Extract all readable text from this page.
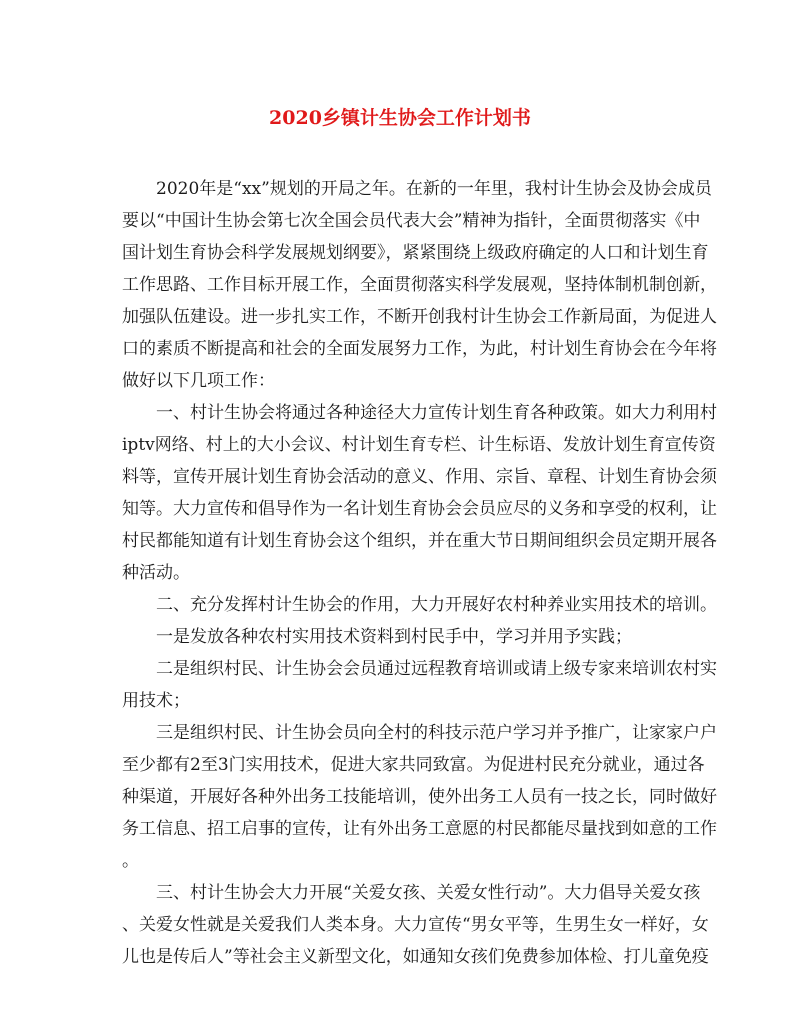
2020乡镇计生协会工作计划书
2020年是“xx”规划的开局之年。在新的一年里，我村计生协会及协会成员
要以“中国计生协会第七次全国会员代表大会”精神为指针，全面贯彻落实《中
国计划生育协会科学发展规划纲要》，紧紧围绕上级政府确定的人口和计划生育
工作思路、工作目标开展工作，全面贯彻落实科学发展观，坚持体制机制创新，
加强队伍建设。进一步扎实工作，不断开创我村计生协会工作新局面，为促进人
口的素质不断提高和社会的全面发展努力工作，为此，村计划生育协会在今年将
做好以下几项工作：
一、村计生协会将通过各种途径大力宣传计划生育各种政策。如大力利用村
iptv网络、村上的大小会议、村计划生育专栏、计生标语、发放计划生育宣传资
料等，宣传开展计划生育协会活动的意义、作用、宗旨、章程、计划生育协会须
知等。大力宣传和倡导作为一名计划生育协会会员应尽的义务和享受的权利，让
村民都能知道有计划生育协会这个组织，并在重大节日期间组织会员定期开展各
种活动。
二、充分发挥村计生协会的作用，大力开展好农村种养业实用技术的培训。
一是发放各种农村实用技术资料到村民手中，学习并用予实践；
二是组织村民、计生协会会员通过远程教育培训或请上级专家来培训农村实
用技术；
三是组织村民、计生协会员向全村的科技示范户学习并予推广，让家家户户
至少都有2至3门实用技术，促进大家共同致富。为促进村民充分就业，通过各
种渠道，开展好各种外出务工技能培训，使外出务工人员有一技之长，同时做好
务工信息、招工启事的宣传，让有外出务工意愿的村民都能尽量找到如意的工作
。
三、村计生协会大力开展“关爱女孩、关爱女性行动”。大力倡导关爱女孩
、关爱女性就是关爱我们人类本身。大力宣传“男女平等，生男生女一样好，女
儿也是传后人”等社会主义新型文化，如通知女孩们免费参加体检、打儿童免疫
